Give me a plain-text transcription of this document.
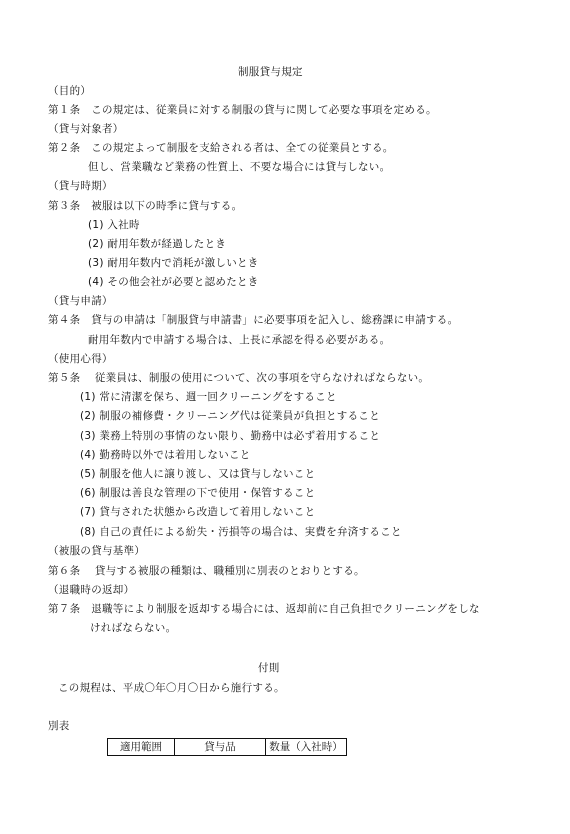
制服貸与規定
（目的）
第１条　この規定は、従業員に対する制服の貸与に関して必要な事項を定める。
（貸与対象者）
第２条　この規定よって制服を支給される者は、全ての従業員とする。
但し、営業職など業務の性質上、不要な場合には貸与しない。
（貸与時期）
第３条　被服は以下の時季に貸与する。
(1) 入社時
(2) 耐用年数が経過したとき
(3) 耐用年数内で消耗が激しいとき
(4) その他会社が必要と認めたとき
（貸与申請）
第４条　貸与の申請は「制服貸与申請書」に必要事項を記入し、総務課に申請する。
耐用年数内で申請する場合は、上長に承認を得る必要がある。
（使用心得）
第５条　 従業員は、制服の使用について、次の事項を守らなければならない。
(1) 常に清潔を保ち、週一回クリーニングをすること
(2) 制服の補修費・クリーニング代は従業員が負担とすること
(3) 業務上特別の事情のない限り、勤務中は必ず着用すること
(4) 勤務時以外では着用しないこと
(5) 制服を他人に譲り渡し、又は貸与しないこと
(6) 制服は善良な管理の下で使用・保管すること
(7) 貸与された状態から改造して着用しないこと
(8) 自己の責任による紛失・汚損等の場合は、実費を弁済すること
（被服の貸与基準）
第６条　 貸与する被服の種類は、職種別に別表のとおりとする。
（退職時の返却）
第７条　退職等により制服を返却する場合には、返却前に自己負担でクリーニングをしな
ければならない。
付則
この規程は、平成〇年〇月〇日から施行する。
別表
適用範囲	貸与品	数量（入社時）
